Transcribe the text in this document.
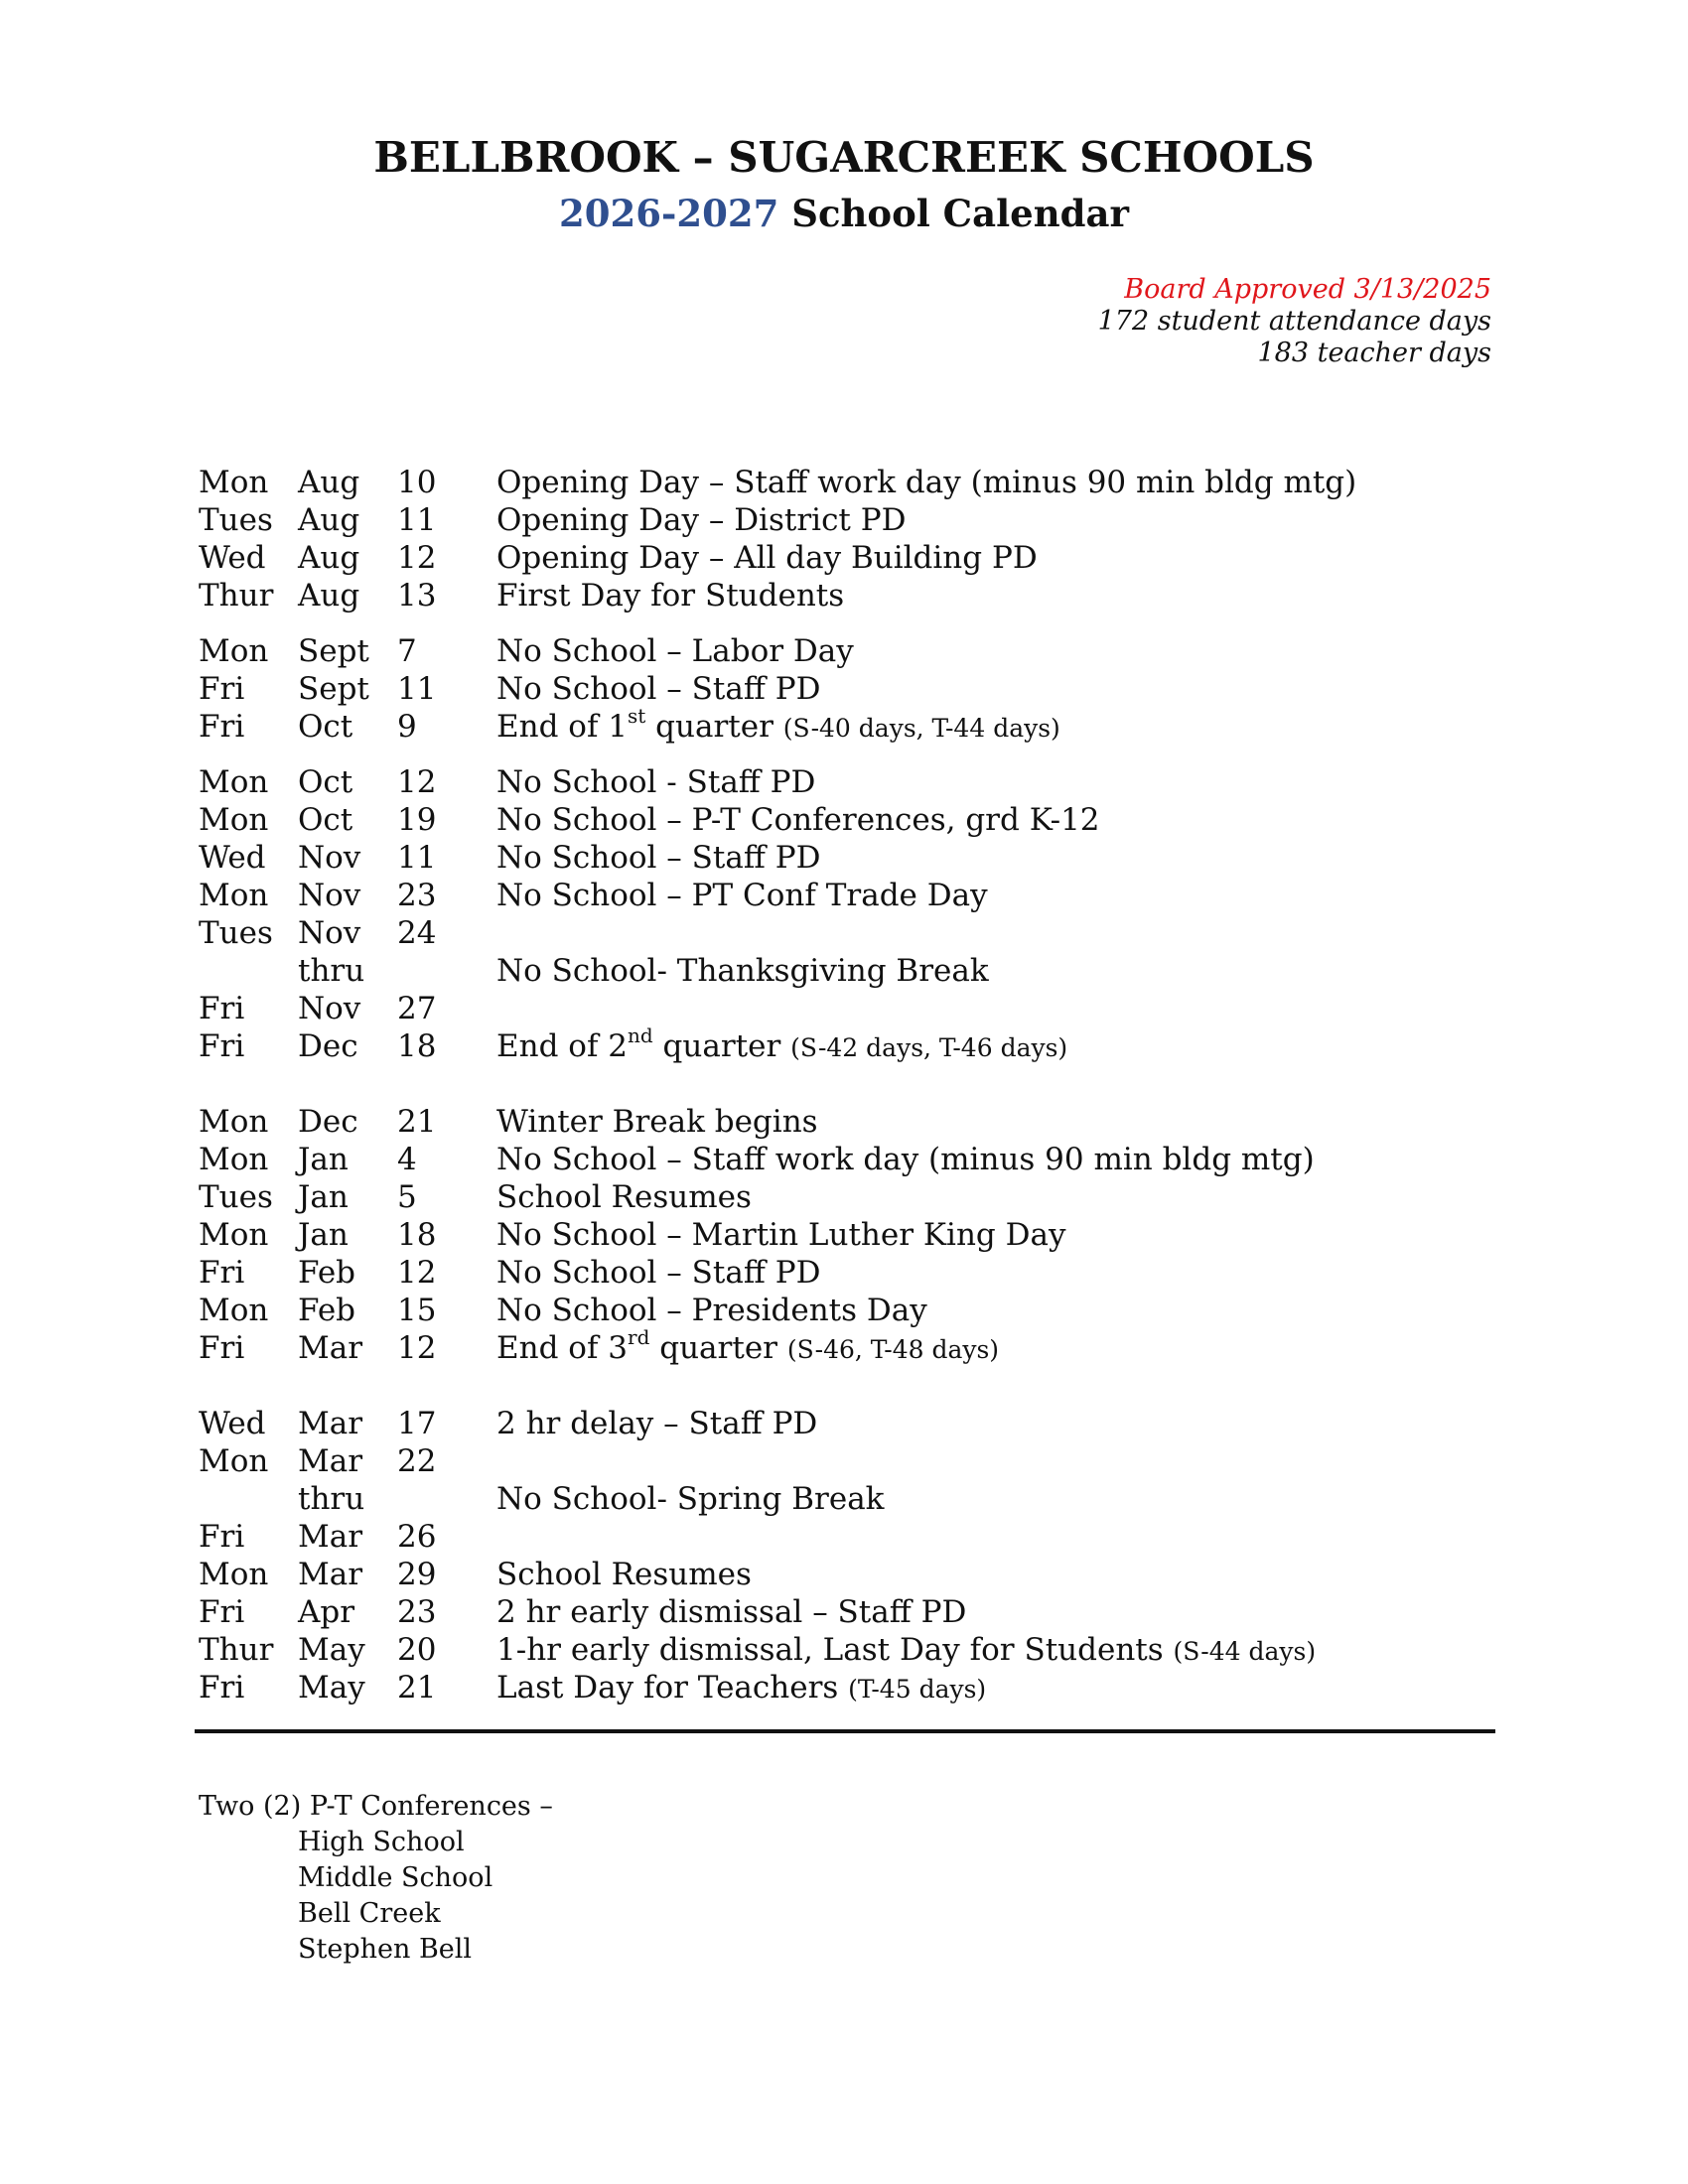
BELLBROOK – SUGARCREEK SCHOOLS
2026-2027 School Calendar
Board Approved 3/13/2025
172 student attendance days
183 teacher days
Mon Aug 10 Opening Day – Staff work day (minus 90 min bldg mtg)
Tues Aug 11 Opening Day – District PD
Wed Aug 12 Opening Day – All day Building PD
Thur Aug 13 First Day for Students
Mon Sept 7	No School – Labor Day
Fri Sept 11 No School – Staff PD
Fri Oct 9	End of 1st quarter (S-40 days, T-44 days)
Mon Oct 12 No School - Staff PD
Mon Oct 19 No School – P-T Conferences, grd K-12
Wed Nov 11 No School – Staff PD
Mon Nov 23 No School – PT Conf Trade Day
Tues Nov 24
thru	No School- Thanksgiving Break
Fri Nov 27
Fri Dec 18 End of 2nd quarter (S-42 days, T-46 days)
Mon Dec 21 Winter Break begins
Mon Jan 4	No School – Staff work day (minus 90 min bldg mtg)
Tues Jan 5	School Resumes
Mon Jan 18 No School – Martin Luther King Day
Fri Feb 12 No School – Staff PD
Mon Feb 15 No School – Presidents Day
Fri Mar 12 End of 3rd quarter (S-46, T-48 days)
Wed Mar 17 2 hr delay – Staff PD
Mon Mar 22
thru	No School- Spring Break
Fri Mar 26
Mon Mar 29 School Resumes
Fri Apr 23 2 hr early dismissal – Staff PD
Thur May 20 1-hr early dismissal, Last Day for Students (S-44 days)
Fri May 21 Last Day for Teachers (T-45 days)
Two (2) P-T Conferences –
High School
Middle School
Bell Creek
Stephen Bell
